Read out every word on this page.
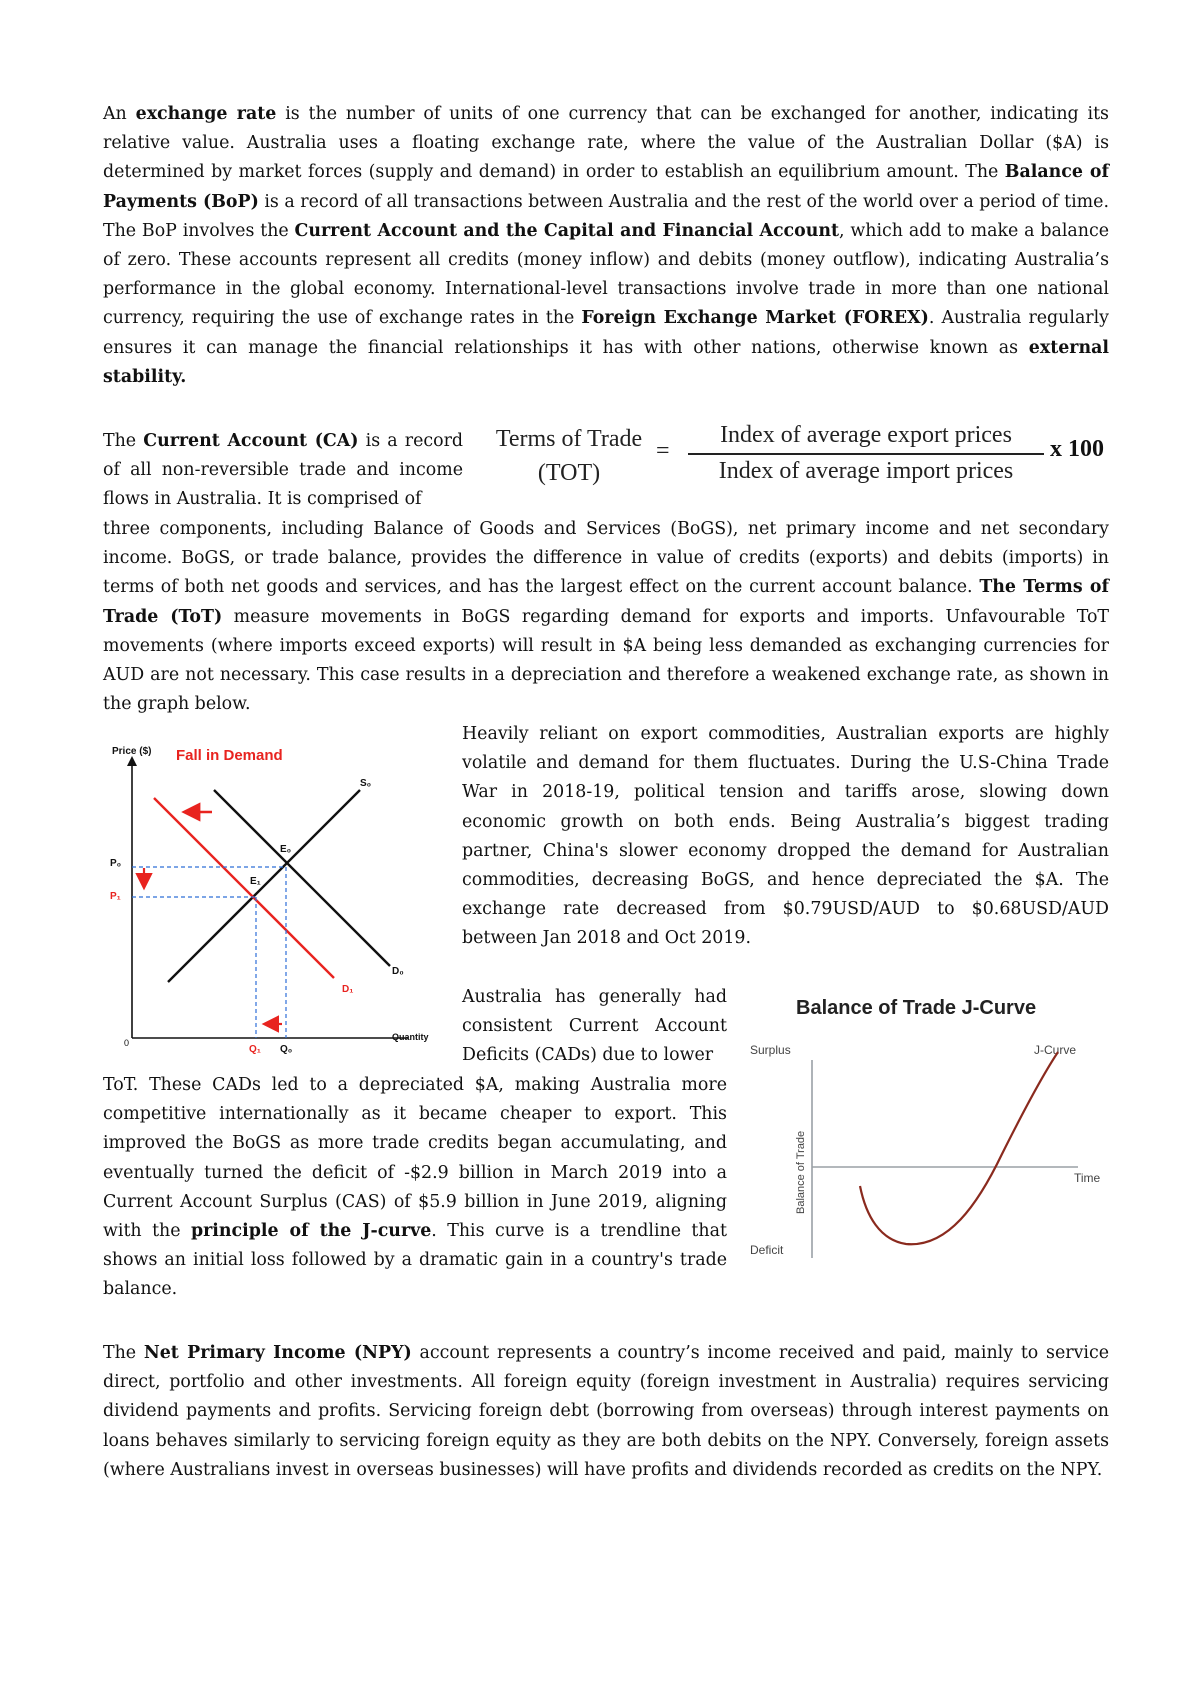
An exchange rate is the number of units of one currency that can be exchanged for another, indicating its relative value. Australia uses a floating exchange rate, where the value of the Australian Dollar ($A) is determined by market forces (supply and demand) in order to establish an equilibrium amount. The Balance of Payments (BoP) is a record of all transactions between Australia and the rest of the world over a period of time. The BoP involves the Current Account and the Capital and Financial Account, which add to make a balance of zero. These accounts represent all credits (money inflow) and debits (money outflow), indicating Australia’s performance in the global economy. International-level transactions involve trade in more than one national currency, requiring the use of exchange rates in the Foreign Exchange Market (FOREX). Australia regularly ensures it can manage the financial relationships it has with other nations, otherwise known as external stability.
The Current Account (CA) is a record of all non-reversible trade and income flows in Australia. It is comprised of
Terms of Trade
(TOT)
=
Index of average export prices
Index of average import prices
x 100
three components, including Balance of Goods and Services (BoGS), net primary income and net secondary income. BoGS, or trade balance, provides the difference in value of credits (exports) and debits (imports) in terms of both net goods and services, and has the largest effect on the current account balance. The Terms of Trade (ToT) measure movements in BoGS regarding demand for exports and imports. Unfavourable ToT movements (where imports exceed exports) will result in $A being less demanded as exchanging currencies for AUD are not necessary. This case results in a depreciation and therefore a weakened exchange rate, as shown in the graph below.
Price ($) Fall in Demand
S₀
D₀
D₁
E₀
E₁
P₀
P₁
0
Q₁ Q₀
Quantity
Heavily reliant on export commodities, Australian exports are highly volatile and demand for them fluctuates. During the U.S-China Trade War in 2018-19, political tension and tariffs arose, slowing down economic growth on both ends. Being Australia’s biggest trading partner, China's slower economy dropped the demand for Australian commodities, decreasing BoGS, and hence depreciated the $A. The exchange rate decreased from $0.79USD/AUD to $0.68USD/AUD between Jan 2018 and Oct 2019.
Australia has generally had consistent Current Account Deficits (CADs) due to lower
Balance of Trade J-Curve
Surplus	J-Curve
Time
Balance of Trade
Deficit
ToT. These CADs led to a depreciated $A, making Australia more competitive internationally as it became cheaper to export. This improved the BoGS as more trade credits began accumulating, and eventually turned the deficit of -$2.9 billion in March 2019 into a Current Account Surplus (CAS) of $5.9 billion in June 2019, aligning with the principle of the J-curve. This curve is a trendline that shows an initial loss followed by a dramatic gain in a country's trade balance.
The Net Primary Income (NPY) account represents a country’s income received and paid, mainly to service direct, portfolio and other investments. All foreign equity (foreign investment in Australia) requires servicing dividend payments and profits. Servicing foreign debt (borrowing from overseas) through interest payments on loans behaves similarly to servicing foreign equity as they are both debits on the NPY. Conversely, foreign assets (where Australians invest in overseas businesses) will have profits and dividends recorded as credits on the NPY.
